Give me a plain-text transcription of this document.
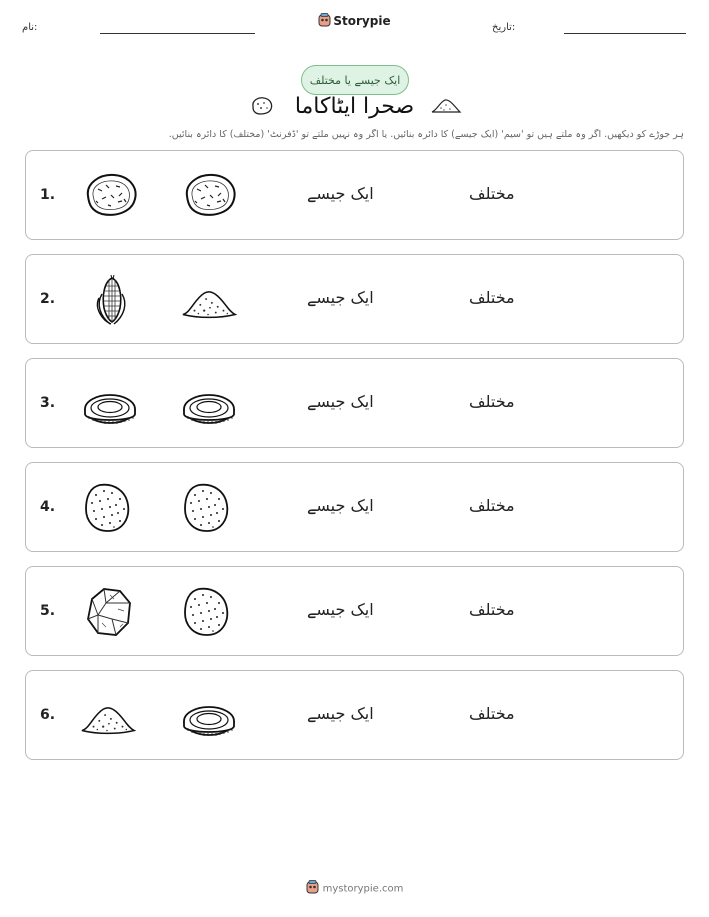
نام:	Storypie	تاریخ:
ایک جیسے یا مختلف
صحرا ایٹاکاما
ہر جوڑے کو دیکھیں. اگر وہ ملتے ہیں تو 'سیم' (ایک جیسے) کا دائرہ بنائیں. یا اگر وہ نہیں ملتے تو 'ڈفرنٹ' (مختلف) کا دائرہ بنائیں.
1.	ایک جیسے	مختلف
2.	ایک جیسے	مختلف
3.	ایک جیسے	مختلف
4.	ایک جیسے	مختلف
5.	ایک جیسے	مختلف
6.	ایک جیسے	مختلف
mystorypie.com
